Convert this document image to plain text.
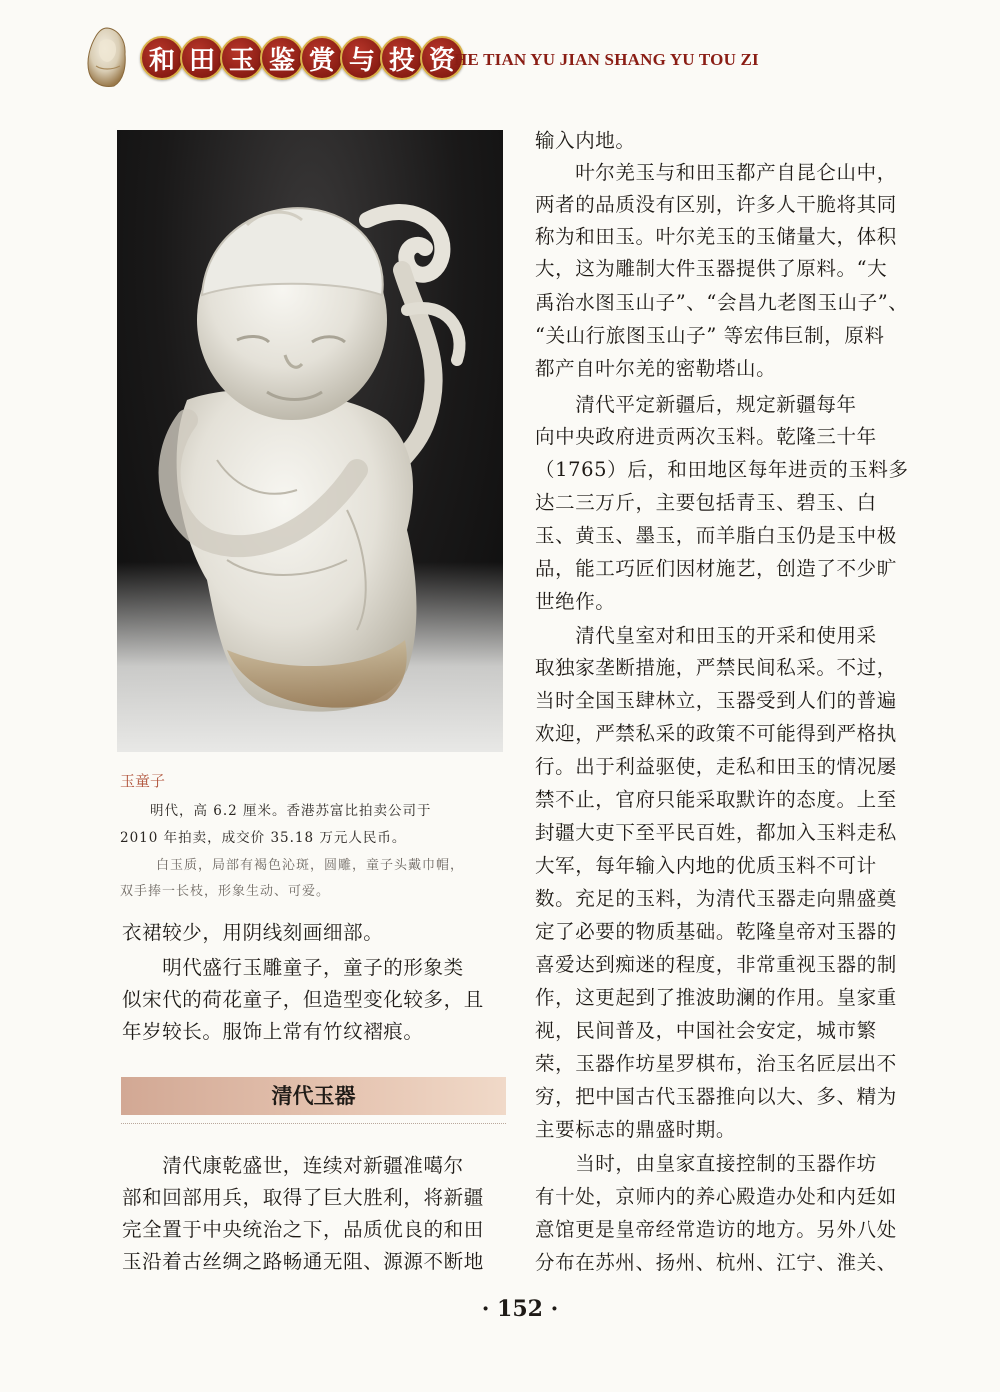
和 田 玉 鉴 赏 与 投 资 HE TIAN YU JIAN SHANG YU TOU ZI
玉童子
明代，高 6.2 厘米。香港苏富比拍卖公司于
2010 年拍卖，成交价 35.18 万元人民币。
白玉质，局部有褐色沁斑，圆雕，童子头戴巾帽，
双手捧一长枝，形象生动、可爱。
衣裙较少，用阴线刻画细部。
　　明代盛行玉雕童子，童子的形象类
似宋代的荷花童子，但造型变化较多，且
年岁较长。服饰上常有竹纹褶痕。
清代玉器
　　清代康乾盛世，连续对新疆准噶尔
部和回部用兵，取得了巨大胜利，将新疆
完全置于中央统治之下，品质优良的和田
玉沿着古丝绸之路畅通无阻、源源不断地
输入内地。
　　叶尔羌玉与和田玉都产自昆仑山中，
两者的品质没有区别，许多人干脆将其同
称为和田玉。叶尔羌玉的玉储量大，体积
大，这为雕制大件玉器提供了原料。“大
禹治水图玉山子”、“会昌九老图玉山子”、
“关山行旅图玉山子” 等宏伟巨制，原料
都产自叶尔羌的密勒塔山。
　　清代平定新疆后，规定新疆每年
向中央政府进贡两次玉料。乾隆三十年
（1765）后，和田地区每年进贡的玉料多
达二三万斤，主要包括青玉、碧玉、白
玉、黄玉、墨玉，而羊脂白玉仍是玉中极
品，能工巧匠们因材施艺，创造了不少旷
世绝作。
　　清代皇室对和田玉的开采和使用采
取独家垄断措施，严禁民间私采。不过，
当时全国玉肆林立，玉器受到人们的普遍
欢迎，严禁私采的政策不可能得到严格执
行。出于利益驱使，走私和田玉的情况屡
禁不止，官府只能采取默许的态度。上至
封疆大吏下至平民百姓，都加入玉料走私
大军，每年输入内地的优质玉料不可计
数。充足的玉料，为清代玉器走向鼎盛奠
定了必要的物质基础。乾隆皇帝对玉器的
喜爱达到痴迷的程度，非常重视玉器的制
作，这更起到了推波助澜的作用。皇家重
视，民间普及，中国社会安定，城市繁
荣，玉器作坊星罗棋布，治玉名匠层出不
穷，把中国古代玉器推向以大、多、精为
主要标志的鼎盛时期。
　　当时，由皇家直接控制的玉器作坊
有十处，京师内的养心殿造办处和内廷如
意馆更是皇帝经常造访的地方。另外八处
分布在苏州、扬州、杭州、江宁、淮关、
· 152 ·
